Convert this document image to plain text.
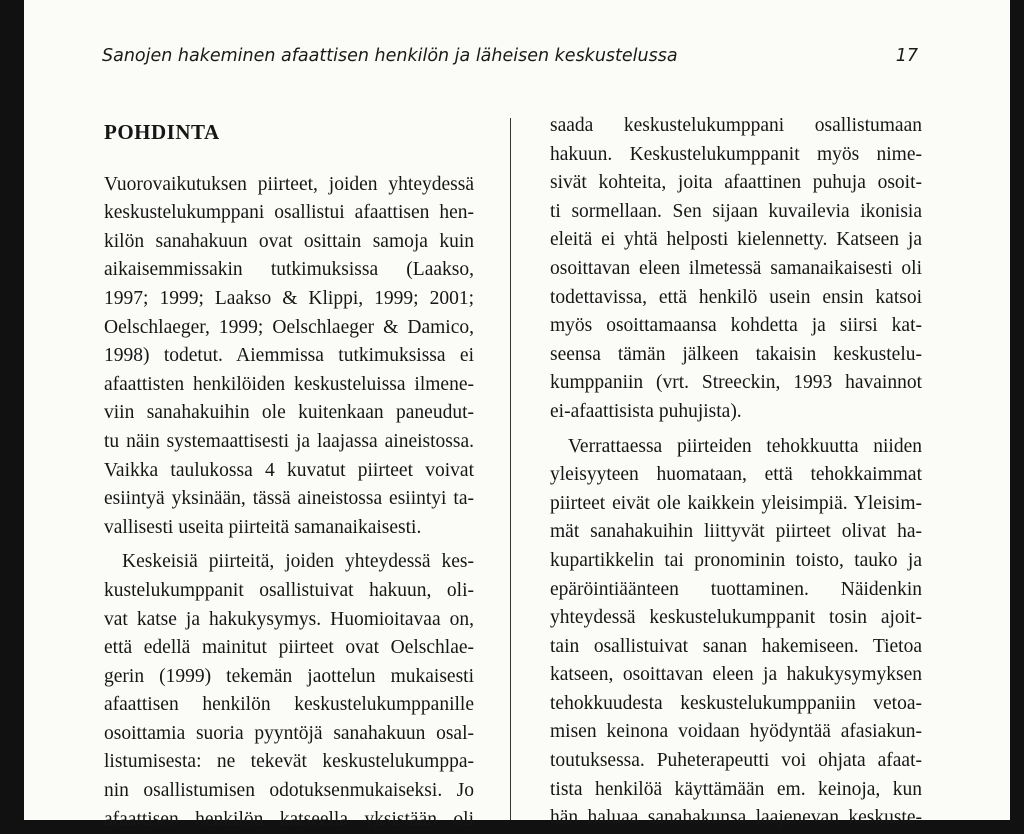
Sanojen hakeminen afaattisen henkilön ja läheisen keskustelussa	17
POHDINTA
Vuorovaikutuksen piirteet, joiden yhteydessä
keskustelukumppani osallistui afaattisen hen-
kilön sanahakuun ovat osittain samoja kuin
aikaisemmissakin tutkimuksissa (Laakso,
1997; 1999; Laakso & Klippi, 1999; 2001;
Oelschlaeger, 1999; Oelschlaeger & Damico,
1998) todetut. Aiemmissa tutkimuksissa ei
afaattisten henkilöiden keskusteluissa ilmene-
viin sanahakuihin ole kuitenkaan paneudut-
tu näin systemaattisesti ja laajassa aineistossa.
Vaikka taulukossa 4 kuvatut piirteet voivat
esiintyä yksinään, tässä aineistossa esiintyi ta-
vallisesti useita piirteitä samanaikaisesti.
Keskeisiä piirteitä, joiden yhteydessä kes-
kustelukumppanit osallistuivat hakuun, oli-
vat katse ja hakukysymys. Huomioitavaa on,
että edellä mainitut piirteet ovat Oelschlae-
gerin (1999) tekemän jaottelun mukaisesti
afaattisen henkilön keskustelukumppanille
osoittamia suoria pyyntöjä sanahakuun osal-
listumisesta: ne tekevät keskustelukumppa-
nin osallistumisen odotuksenmukaiseksi. Jo
afaattisen henkilön katseella yksistään oli
saada keskustelukumppani osallistumaan
hakuun. Keskustelukumppanit myös nime-
sivät kohteita, joita afaattinen puhuja osoit-
ti sormellaan. Sen sijaan kuvailevia ikonisia
eleitä ei yhtä helposti kielennetty. Katseen ja
osoittavan eleen ilmetessä samanaikaisesti oli
todettavissa, että henkilö usein ensin katsoi
myös osoittamaansa kohdetta ja siirsi kat-
seensa tämän jälkeen takaisin keskustelu-
kumppaniin (vrt. Streeckin, 1993 havainnot
ei-afaattisista puhujista).
Verrattaessa piirteiden tehokkuutta niiden
yleisyyteen huomataan, että tehokkaimmat
piirteet eivät ole kaikkein yleisimpiä. Yleisim-
mät sanahakuihin liittyvät piirteet olivat ha-
kupartikkelin tai pronominin toisto, tauko ja
epäröintiäänteen tuottaminen. Näidenkin
yhteydessä keskustelukumppanit tosin ajoit-
tain osallistuivat sanan hakemiseen. Tietoa
katseen, osoittavan eleen ja hakukysymyksen
tehokkuudesta keskustelukumppaniin vetoa-
misen keinona voidaan hyödyntää afasiakun-
toutuksessa. Puheterapeutti voi ohjata afaat-
tista henkilöä käyttämään em. keinoja, kun
hän haluaa sanahakunsa laajenevan keskuste-
